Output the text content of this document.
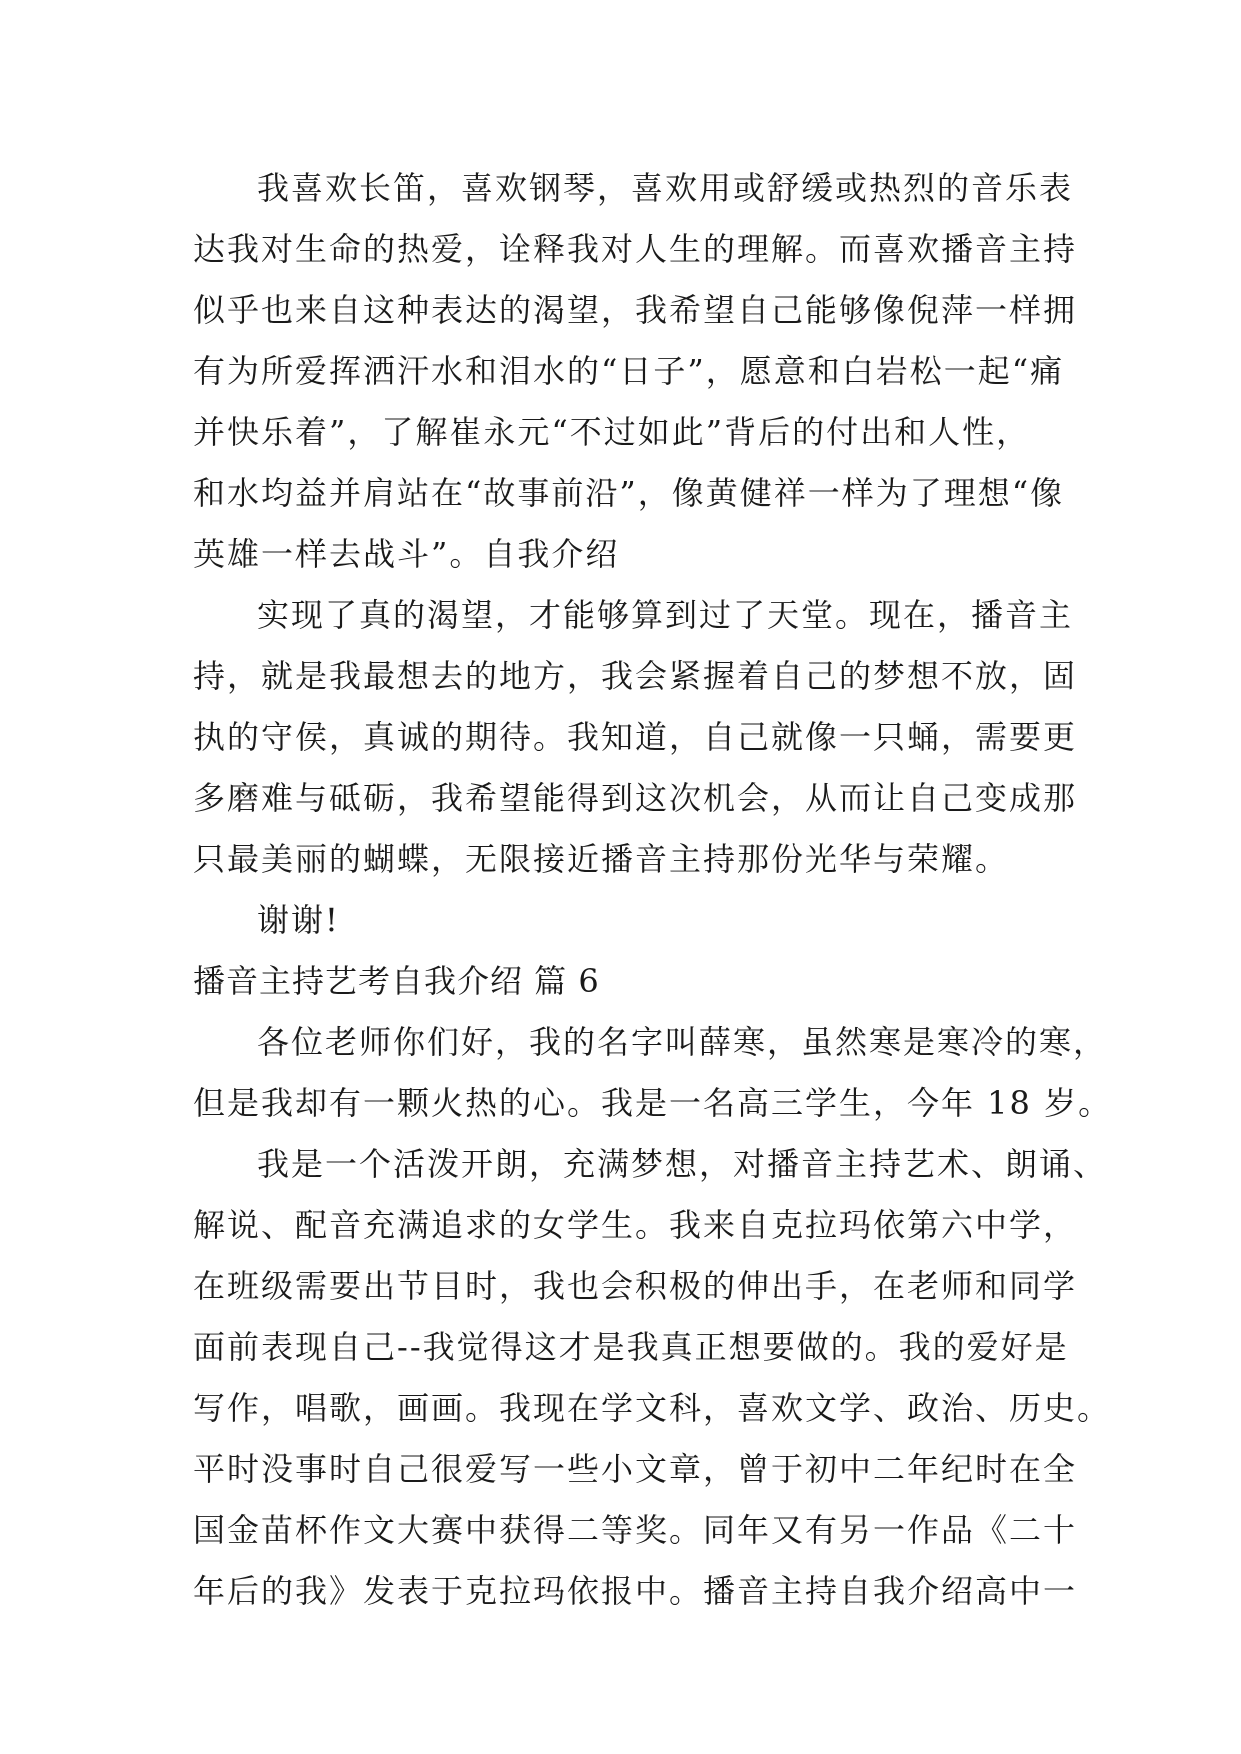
我喜欢长笛，喜欢钢琴，喜欢用或舒缓或热烈的音乐表
达我对生命的热爱，诠释我对人生的理解。而喜欢播音主持
似乎也来自这种表达的渴望，我希望自己能够像倪萍一样拥
有为所爱挥洒汗水和泪水的“日子”，愿意和白岩松一起“痛
并快乐着”，了解崔永元“不过如此”背后的付出和人性，
和水均益并肩站在“故事前沿”，像黄健祥一样为了理想“像
英雄一样去战斗”。自我介绍
实现了真的渴望，才能够算到过了天堂。现在，播音主
持，就是我最想去的地方，我会紧握着自己的梦想不放，固
执的守侯，真诚的期待。我知道，自己就像一只蛹，需要更
多磨难与砥砺，我希望能得到这次机会，从而让自己变成那
只最美丽的蝴蝶，无限接近播音主持那份光华与荣耀。
谢谢!
播音主持艺考自我介绍 篇 6
各位老师你们好，我的名字叫薛寒，虽然寒是寒冷的寒，
但是我却有一颗火热的心。我是一名高三学生，今年 18 岁。
我是一个活泼开朗，充满梦想，对播音主持艺术、朗诵、
解说、配音充满追求的女学生。我来自克拉玛依第六中学，
在班级需要出节目时，我也会积极的伸出手，在老师和同学
面前表现自己--我觉得这才是我真正想要做的。我的爱好是
写作，唱歌，画画。我现在学文科，喜欢文学、政治、历史。
平时没事时自己很爱写一些小文章，曾于初中二年纪时在全
国金苗杯作文大赛中获得二等奖。同年又有另一作品《二十
年后的我》发表于克拉玛依报中。播音主持自我介绍高中一
